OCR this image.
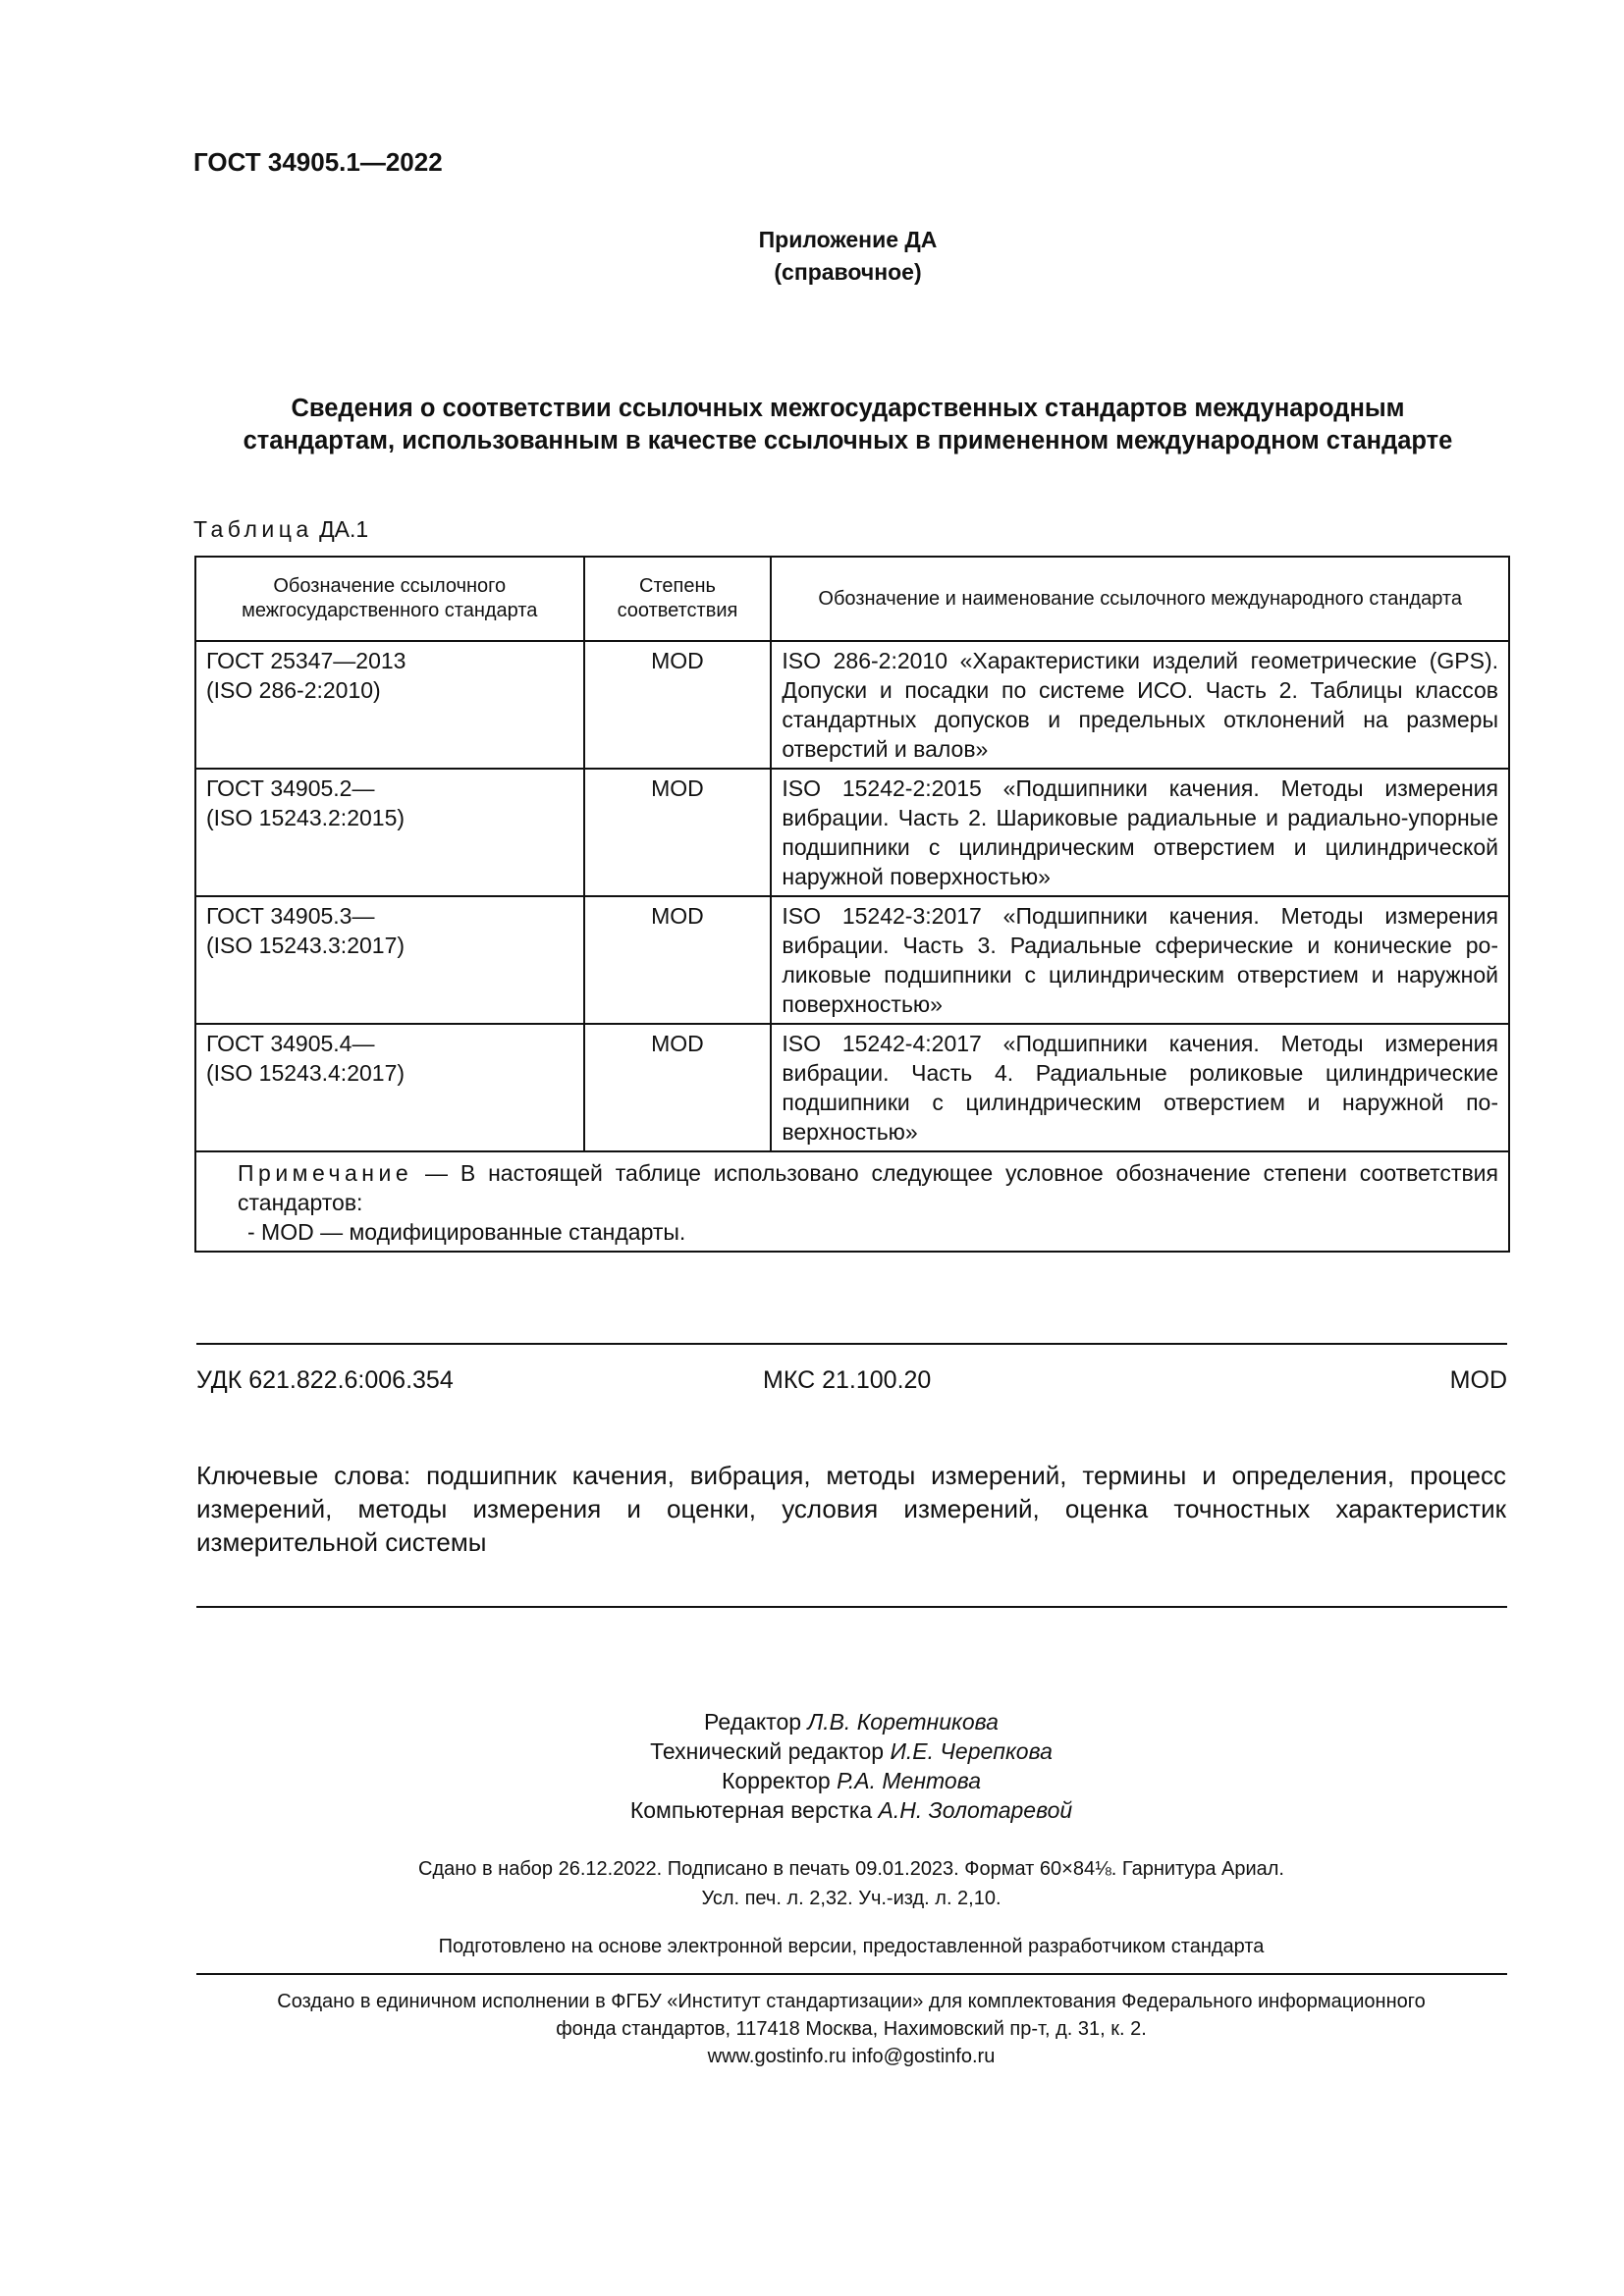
ГОСТ 34905.1—2022
Приложение ДА
(справочное)
Сведения о соответствии ссылочных межгосударственных стандартов международным
стандартам, использованным в качестве ссылочных в примененном международном стандарте
Таблица ДА.1
Обозначение ссылочного межгосударственного стандарта	Степень соответствия	Обозначение и наименование ссылочного международного стандарта

ГОСТ 25347—2013
(ISO 286-2:2010)	MOD	ISO 286-2:2010 «Характеристики изделий геометрические (GPS). Допуски и посадки по системе ИСО. Часть 2. Таблицы классов стандартных допусков и предельных отклонений на размеры отверстий и валов»

ГОСТ 34905.2—
(ISO 15243.2:2015)	MOD	ISO 15242-2:2015 «Подшипники качения. Методы измерения вибрации. Часть 2. Шариковые радиальные и радиально-упорные подшипники с цилиндрическим отверстием и цилиндрической наружной поверхностью»

ГОСТ 34905.3—
(ISO 15243.3:2017)	MOD	ISO 15242-3:2017 «Подшипники качения. Методы измерения вибрации. Часть 3. Радиальные сферические и конические роликовые подшипники с цилиндрическим отверстием и наружной поверхностью»

ГОСТ 34905.4—
(ISO 15243.4:2017)	MOD	ISO 15242-4:2017 «Подшипники качения. Методы измерения вибрации. Часть 4. Радиальные роликовые цилиндрические подшипники с цилиндрическим отверстием и наружной поверхностью»

Примечание — В настоящей таблице использовано следующее условное обозначение степени соответствия стандартов:
- MOD — модифицированные стандарты.		
УДК 621.822.6:006.354	МКС 21.100.20	MOD
Ключевые слова: подшипник качения, вибрация, методы измерений, термины и определения, процесс измерений, методы измерения и оценки, условия измерений, оценка точностных характеристик измерительной системы
Редактор Л.В. Коретникова
Технический редактор И.Е. Черепкова
Корректор Р.А. Ментова
Компьютерная верстка А.Н. Золотаревой
Сдано в набор 26.12.2022. Подписано в печать 09.01.2023. Формат 60×84⅛. Гарнитура Ариал.
Усл. печ. л. 2,32. Уч.-изд. л. 2,10.
Подготовлено на основе электронной версии, предоставленной разработчиком стандарта
Создано в единичном исполнении в ФГБУ «Институт стандартизации» для комплектования Федерального информационного
фонда стандартов, 117418 Москва, Нахимовский пр-т, д. 31, к. 2.
www.gostinfo.ru info@gostinfo.ru
